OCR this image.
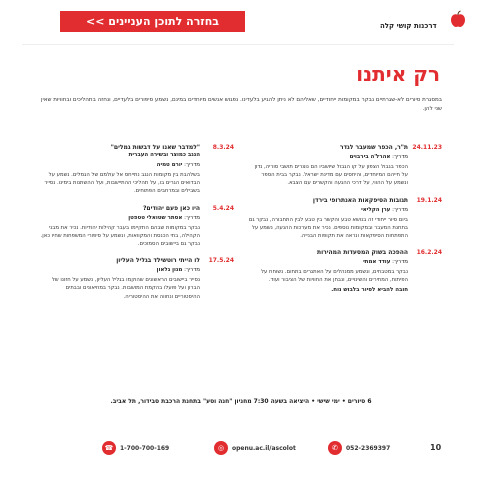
בחזרה לתוכן העניינים >>	דרכנות קושי קלה
רק איתנו
במסגרת סיורים לא-שגרתיים נבקר במקומות ייחודיים, שאליהם לא ניתן להגיע בלעדינו. נפגוש אנשים מיוחדים במינם, נשמע סיפורים בלעדיים, ונחזה בתהליכים ובחוויות שאין שני להן.
24.11.23
ת"ר, הכפר שמעבר לגדר
מדריך: אהרל'ה בירבוים
הכפר בגבול הצפון על קו הגבול שיושביו הם נוצרים תושבי סוריה, נדון על חייהם המיוחדים, והיחסים עם מדינת ישראל. נבקר בבית הספר ונשמע על ההווי, על דרכי ההגעה והקשרים עם הצבא.
19.1.24
תגובות הסיפקאות האנתרופי בירדן
מדריך: ערן הקליאי
ביום סיור ייחודי זה בנושא טבע והקשר בין טבע לבין התחבורה, נבקר גם בתחנת המעבר ובמקומות נוספים. נכיר את מערכות ההנעה, נשמע על התפתחות הסיפקאות ונראה את תקופות הבנייה.
16.2.24
ההפכה בשוק המסעדות המהירות
מדריך: עודד אמתי
נבקר במטבחים, ונשמע ממנהלים על האתגרים בתחום. נשוחח על הפיתוח, המחירים והשינויים, ונבחן את החוויות של הציבור ועוד.
חובה להביא לסיור בלבוש נוח.
8.3.24
"למדבר שאנו על דבשות גמלים"
הנגב כמוצר ובשירה העברית
מדריך: יורם טמיה
בשלהבת בין מקומות הנגב נתייחס אל עולמם של הגמלים. נשמע על הבדואים הגרים בו, על תהליכי ההתיישבות, ועל ההשתנות בימינו. נסייר בשבילים ובמרחבים הפתוחים.
5.4.24
היו כאן פעם יהודים?
מדריך: אסתר שטואלי טטפטן
נבקר במקומות שבהם התקיימו בעבר קהילות יהודיות. נכיר את מבני הקהילה, בתי הכנסת והמקוואות, ונשמע על סיפורי המשפחות שחיו כאן. נבקר גם ביישובים הסמוכים.
17.5.24
לו הייתי רוטשילד בגליל העליון
מדריך: מנון גלאון
נסייר ביישובים הראשונים שהוקמו בגליל העליון, נשמע על חזונו של הברון ועל פועלו בהקמת המושבות. נבקר במוזיאונים ובבתים ההיסטוריים ונחווה את ההיסטוריה.
6 סיורים • ימי שישי • היציאה בשעה 7:30 מחניון "חנה וסע" בתחנת הרכבת סבידור, תל אביב.
10
✆	052-2369397
◎	openu.ac.il/ascolot
☎	1-700-700-169
